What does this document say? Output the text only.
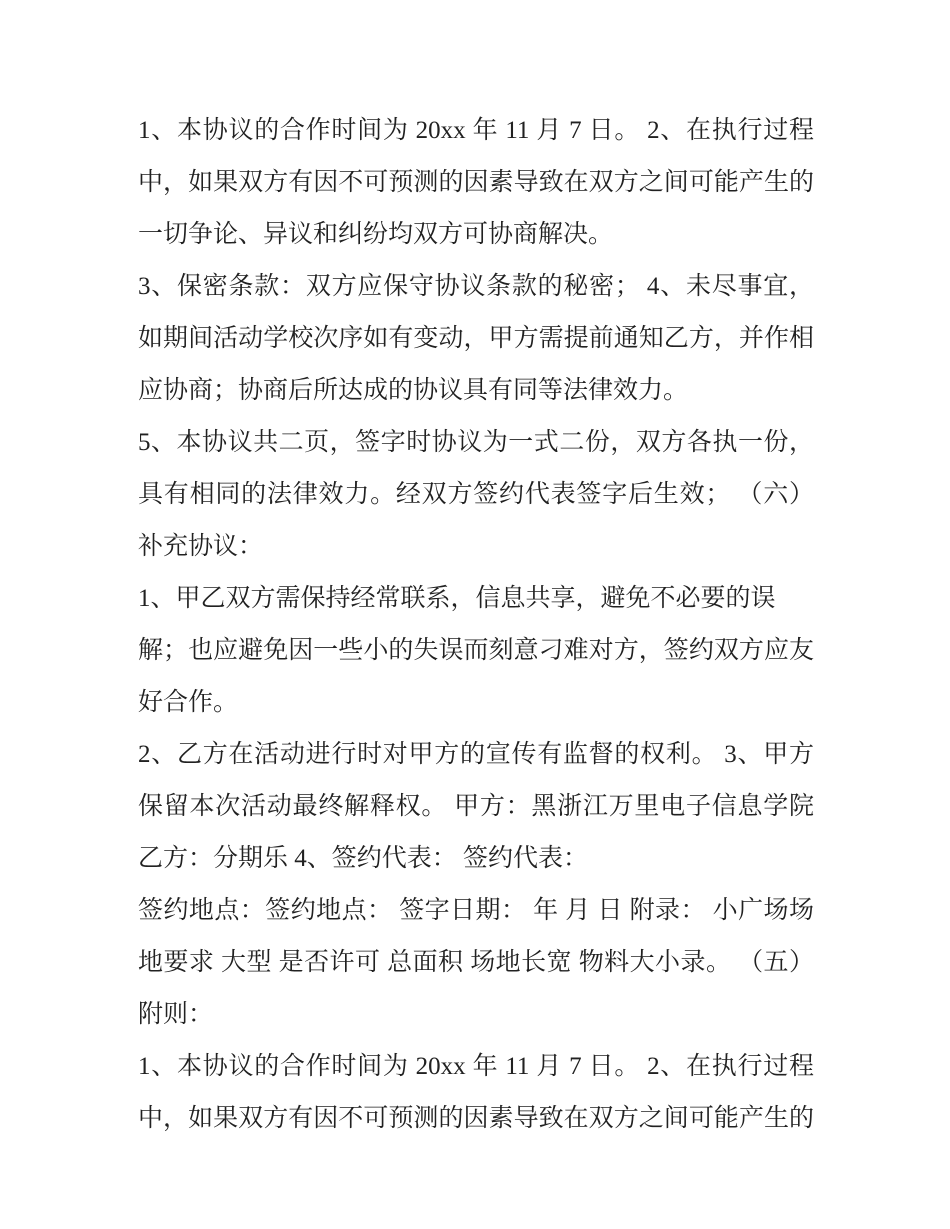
1、本协议的合作时间为 20xx 年 11 月 7 日。 2、在执行过程
中，如果双方有因不可预测的因素导致在双方之间可能产生的
一切争论、异议和纠纷均双方可协商解决。
3、保密条款：双方应保守协议条款的秘密； 4、未尽事宜，
如期间活动学校次序如有变动，甲方需提前通知乙方，并作相
应协商；协商后所达成的协议具有同等法律效力。
5、本协议共二页，签字时协议为一式二份，双方各执一份，
具有相同的法律效力。经双方签约代表签字后生效； （六）
补充协议：
1、甲乙双方需保持经常联系，信息共享，避免不必要的误
解；也应避免因一些小的失误而刻意刁难对方，签约双方应友
好合作。
2、乙方在活动进行时对甲方的宣传有监督的权利。 3、甲方
保留本次活动最终解释权。 甲方：黑浙江万里电子信息学院
乙方：分期乐 4、签约代表： 签约代表：
签约地点：签约地点： 签字日期： 年 月 日 附录： 小广场场
地要求 大型 是否许可 总面积 场地长宽 物料大小录。 （五）
附则：
1、本协议的合作时间为 20xx 年 11 月 7 日。 2、在执行过程
中，如果双方有因不可预测的因素导致在双方之间可能产生的
